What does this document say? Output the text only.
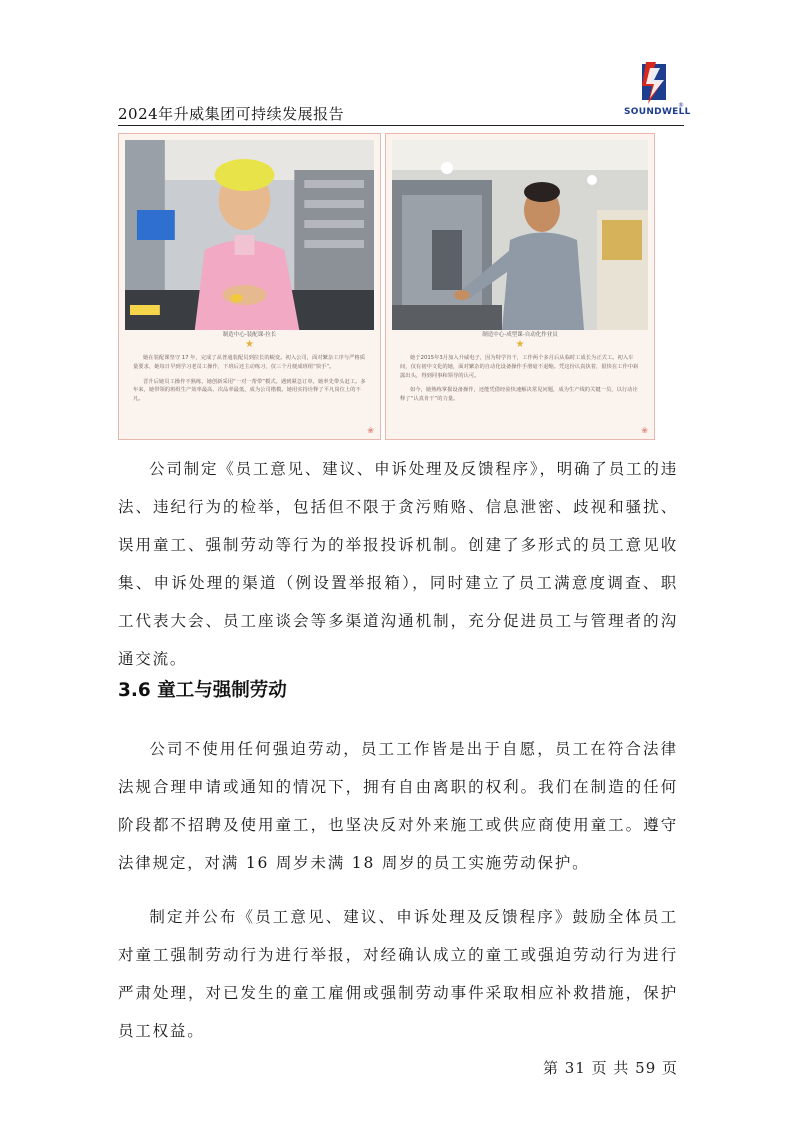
2024年升威集团可持续发展报告	SOUNDWELL
®
制造中心-装配课-拉长
★

她在装配课坚守 17 年，完成了从普通装配员到拉长的蜕变。初入公司，面对繁杂工序与严格质量要求，她每日早到学习老员工操作，下班后还主动练习，仅三个月便成班组“快手”。

晋升后她员工操作不熟练，她创新采用“一对一帮带”模式。遇到紧急订单，她率先带头赶工。多年来，她带领的班组生产效率最高、次品率最低，成为公司楷模。她用实持诠释了平凡岗位上的不凡。

❀
制造中心-成型课-自动化作业员
★

她于2015年3月加入升威电子，因为特学肯干，工作两个多月后从临时工成长为正式工。初入车间，仅有初中文化的她，面对繁杂的自动化设备操作手册毫不退缩。凭这份认真执着，很快在工作中崭露出头，得到同事和领导的认可。

如今，她熟练掌握设备操作，还能凭借经验快速解决常见问题，成为生产线的关键一员，以行动诠释了“认真肯干”的力量。

❀
公司制定《员工意见、建议、申诉处理及反馈程序》，明确了员工的违法、违纪行为的检举，包括但不限于贪污贿赂、信息泄密、歧视和骚扰、误用童工、强制劳动等行为的举报投诉机制。创建了多形式的员工意见收集、申诉处理的渠道（例设置举报箱），同时建立了员工满意度调查、职工代表大会、员工座谈会等多渠道沟通机制，充分促进员工与管理者的沟通交流。
3.6 童工与强制劳动
公司不使用任何强迫劳动，员工工作皆是出于自愿，员工在符合法律法规合理申请或通知的情况下，拥有自由离职的权利。我们在制造的任何阶段都不招聘及使用童工，也坚决反对外来施工或供应商使用童工。遵守法律规定，对满 16 周岁未满 18 周岁的员工实施劳动保护。
制定并公布《员工意见、建议、申诉处理及反馈程序》鼓励全体员工对童工强制劳动行为进行举报，对经确认成立的童工或强迫劳动行为进行严肃处理，对已发生的童工雇佣或强制劳动事件采取相应补救措施，保护员工权益。
第 31 页 共 59 页
